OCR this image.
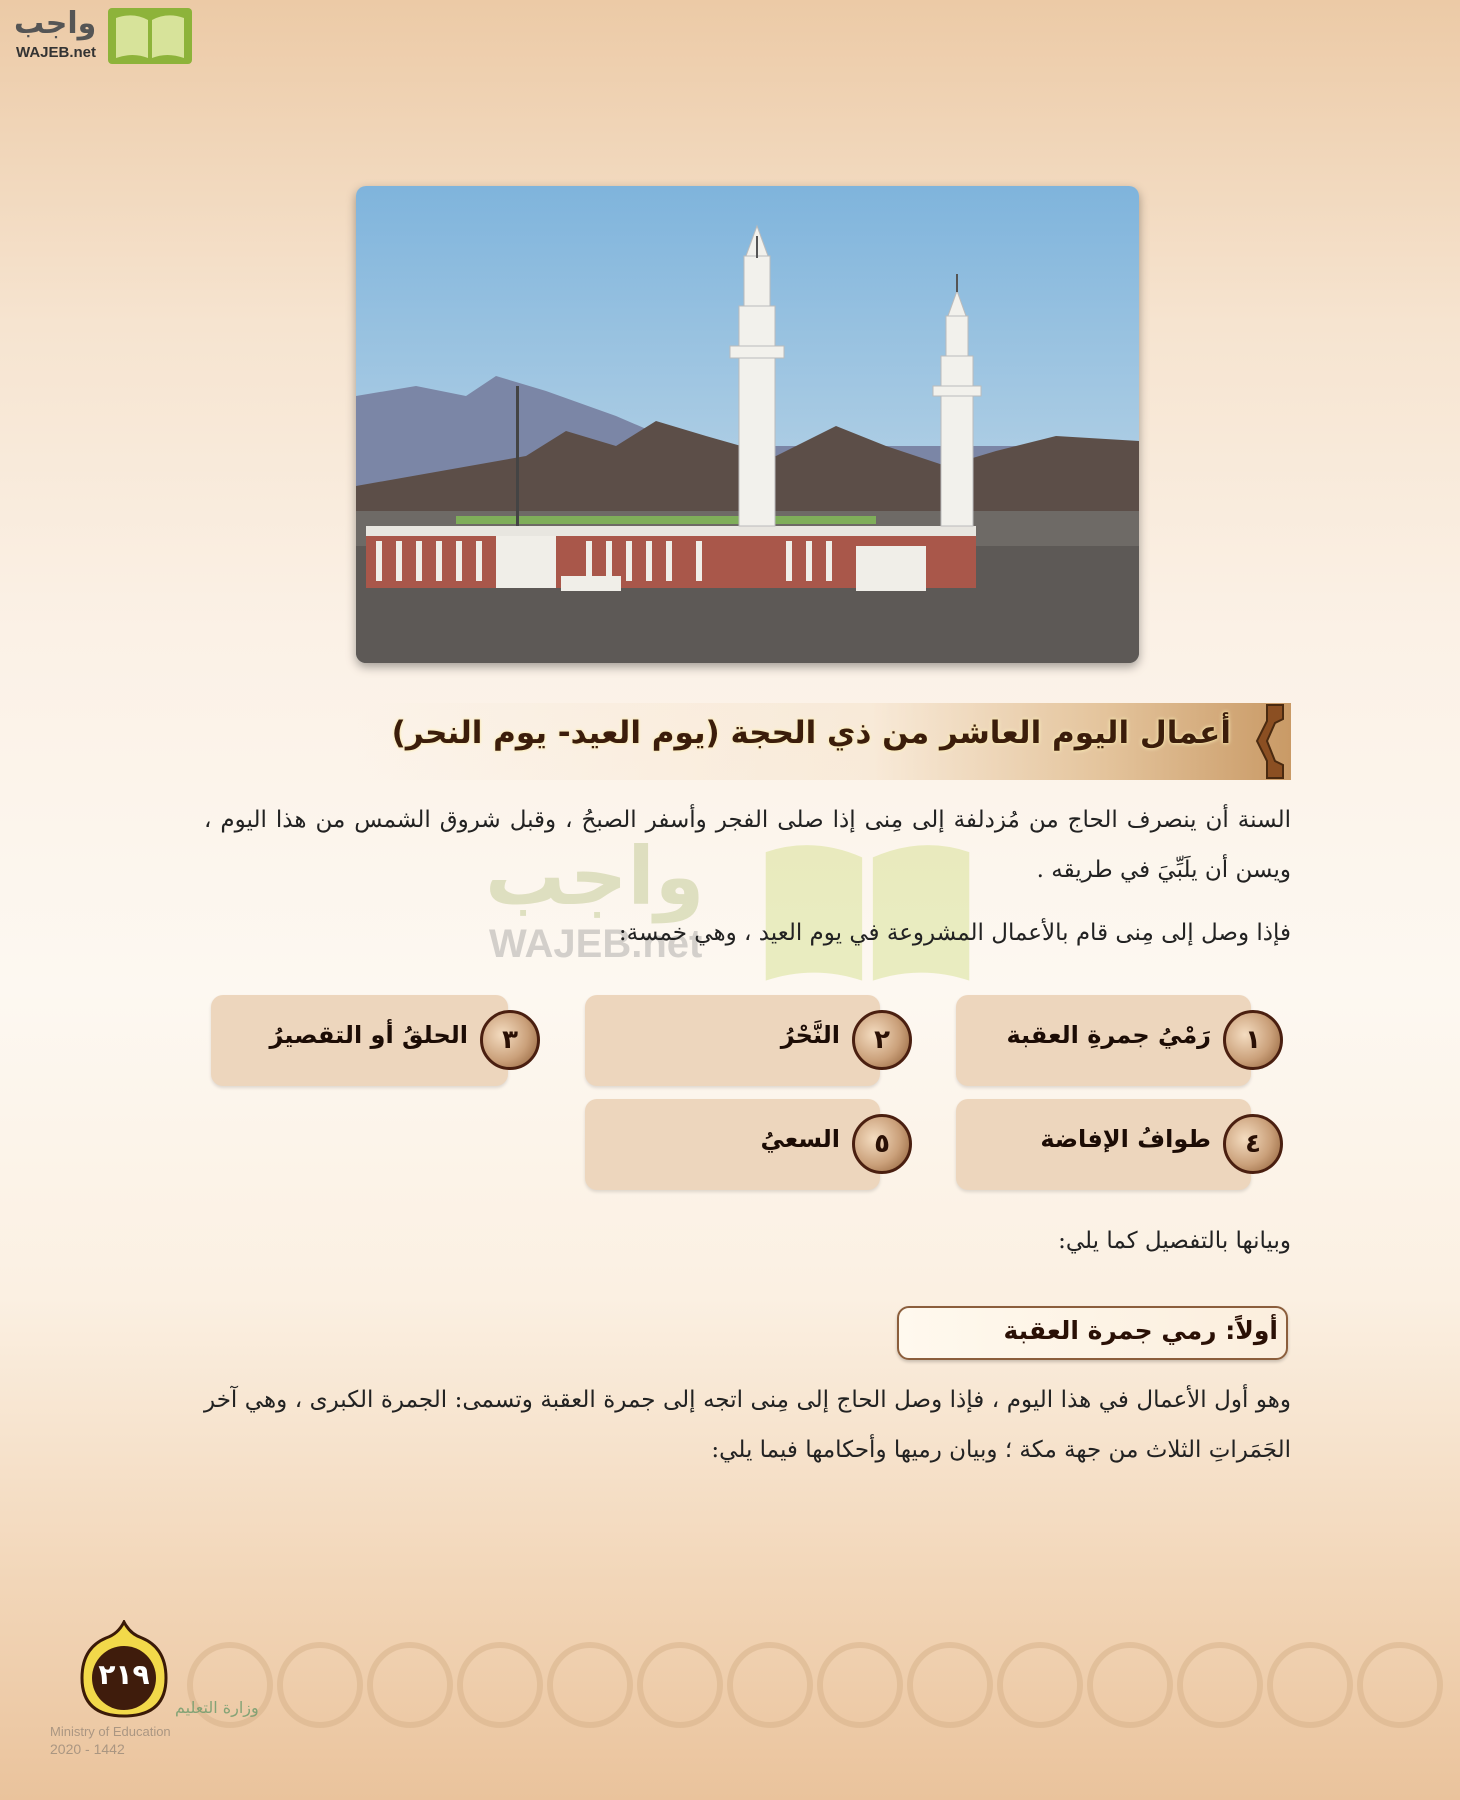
واجب
WAJEB.net
أعمال اليوم العاشر من ذي الحجة (يوم العيد- يوم النحر)
واجب
WAJEB.net

السنة أن ينصرف الحاج من مُزدلفة إلى مِنى إذا صلى الفجر وأسفر الصبحُ ، وقبل شروق الشمس من هذا اليوم ، ويسن أن يلَبِّيَ في طريقه .

فإذا وصل إلى مِنى قام بالأعمال المشروعة في يوم العيد ، وهي خمسة:

١
رَمْيُ جمرةِ العقبة
٢
النَّحْرُ
٣
الحلقُ أو التقصيرُ
٤
طوافُ الإفاضة
٥
السعيُ

وبيانها بالتفصيل كما يلي:

أولاً: رمي جمرة العقبة

وهو أول الأعمال في هذا اليوم ، فإذا وصل الحاج إلى مِنى اتجه إلى جمرة العقبة وتسمى: الجمرة الكبرى ، وهي آخر الجَمَراتِ الثلاث من جهة مكة ؛ وبيان رميها وأحكامها فيما يلي:

٢١٩
وزارة التعليم
Ministry of Education
2020 - 1442
